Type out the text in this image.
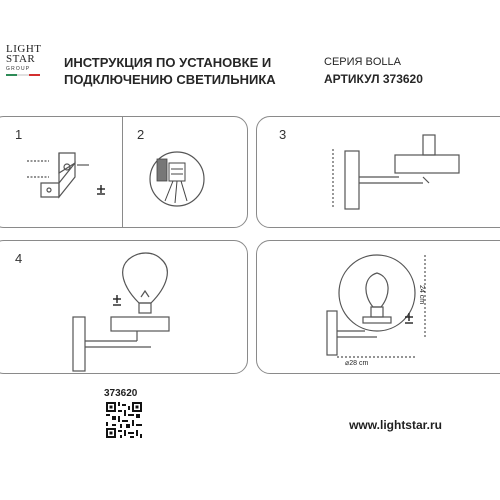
LIGHT
STAR
GROUP	ИНСТРУКЦИЯ ПО УСТАНОВКЕ И
ПОДКЛЮЧЕНИЮ СВЕТИЛЬНИКА
СЕРИЯ BOLLA
АРТИКУЛ 373620
1	2	3
4
24 cm
⌀28 cm
373620
www.lightstar.ru
